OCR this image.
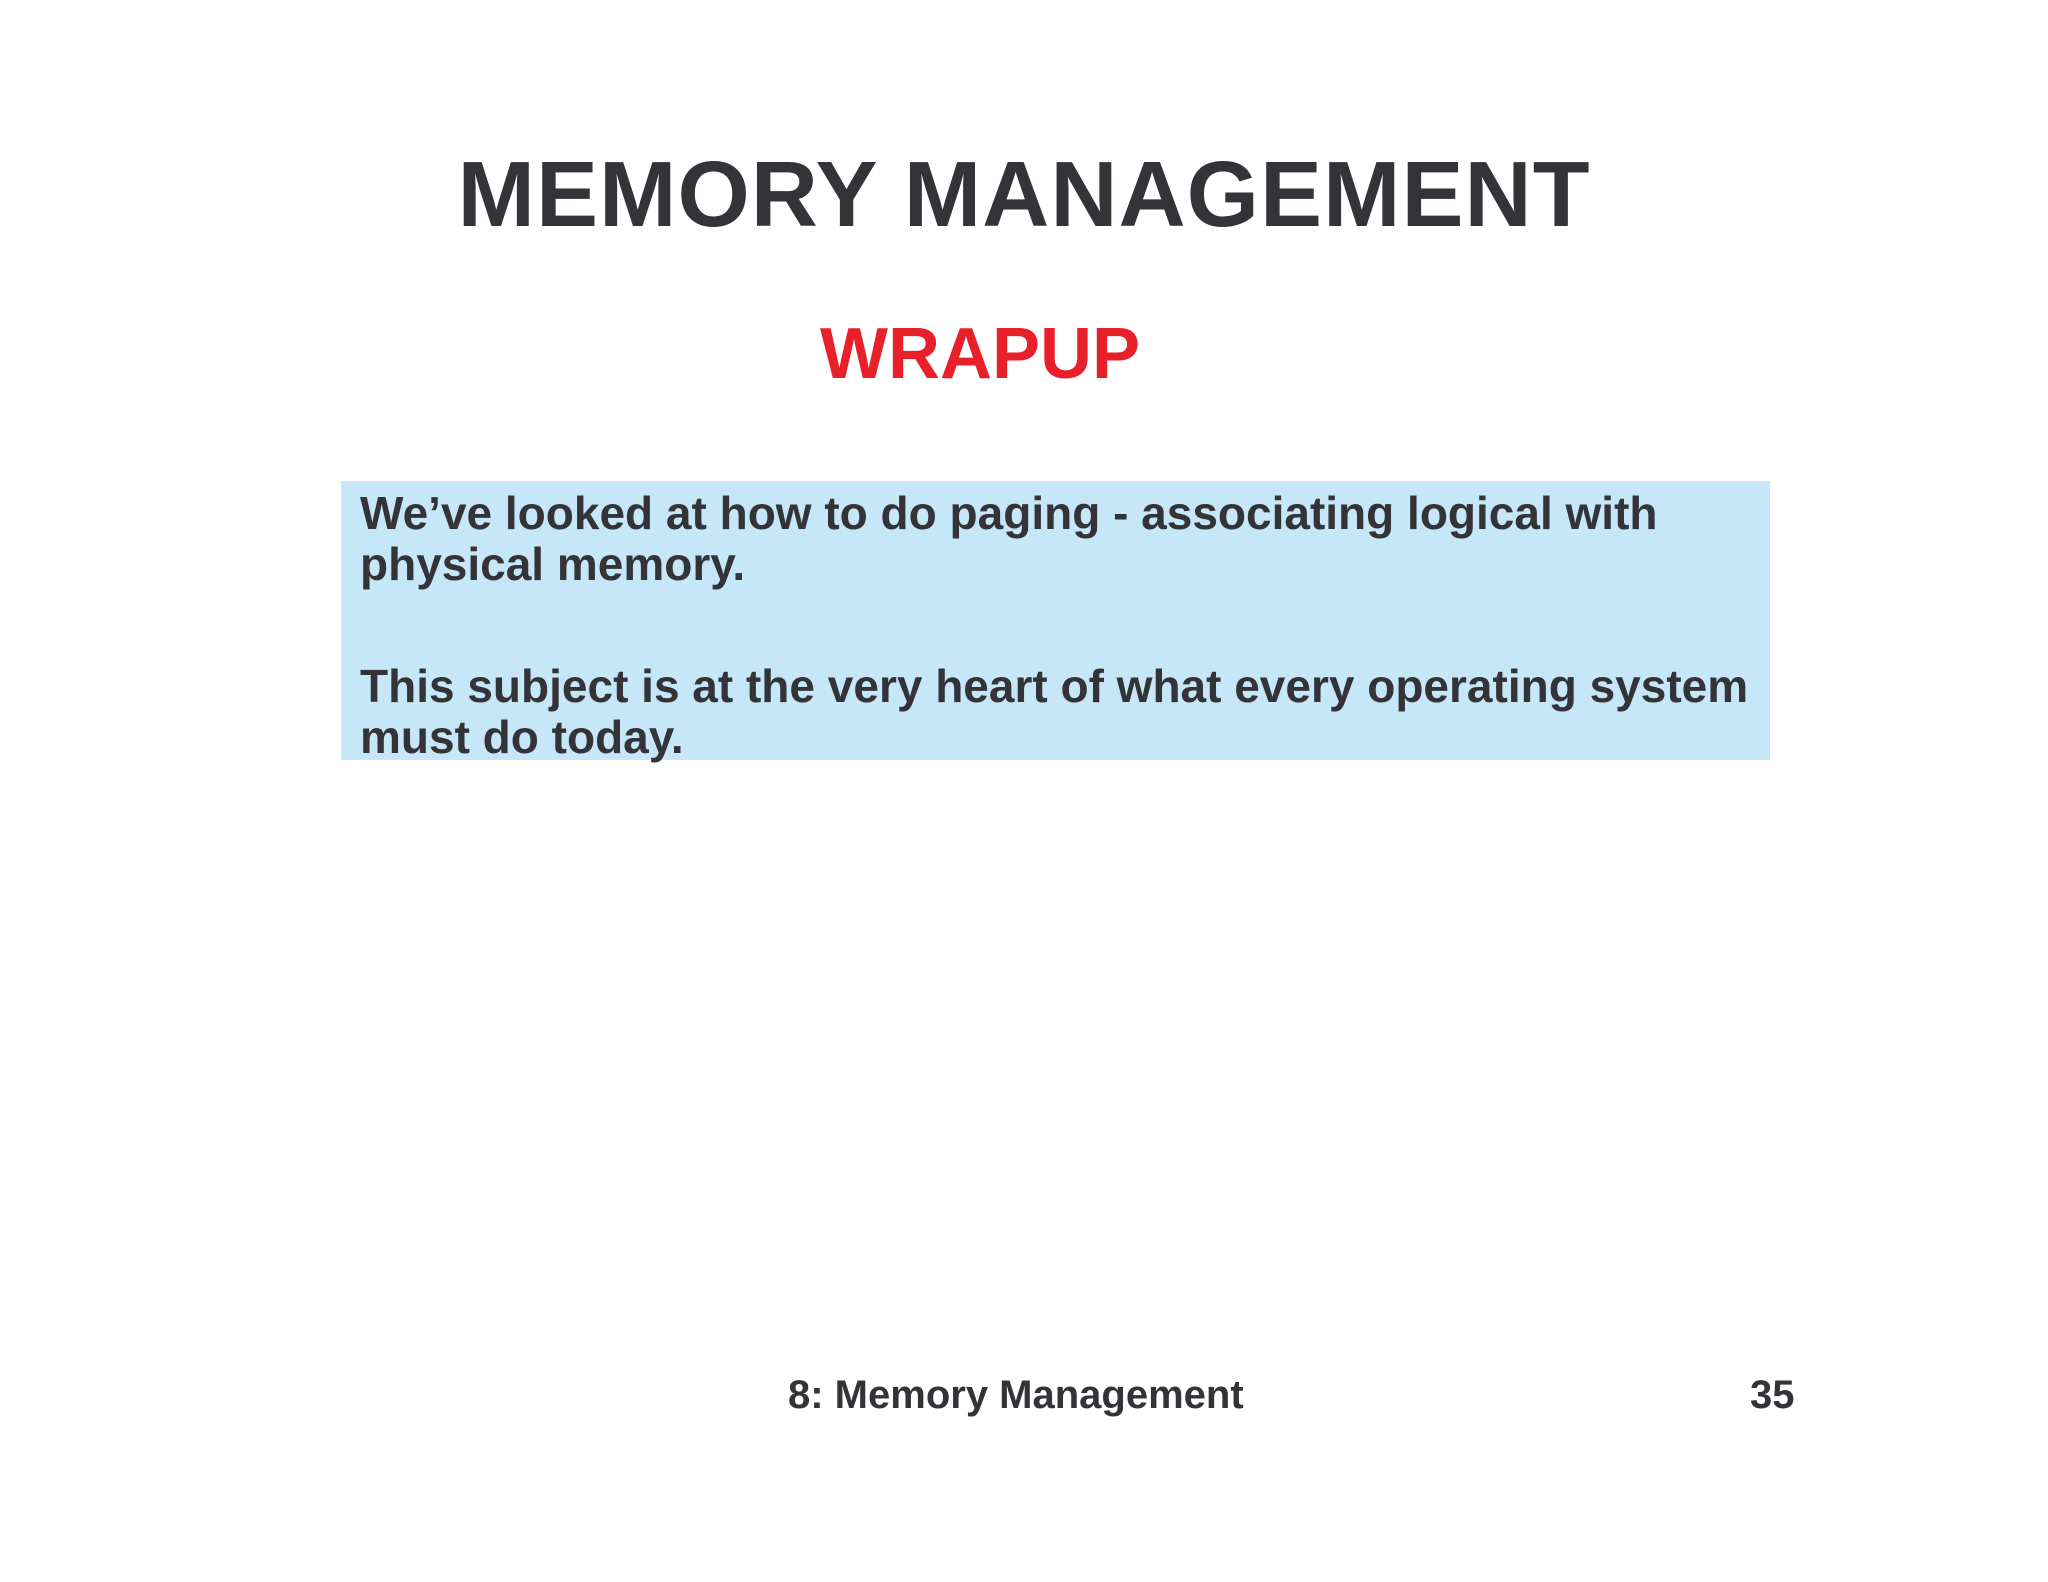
MEMORY MANAGEMENT
WRAPUP
We’ve looked at how to do paging - associating logical with physical memory.
This subject is at the very heart of what every operating system must do today.
8: Memory Management	35
